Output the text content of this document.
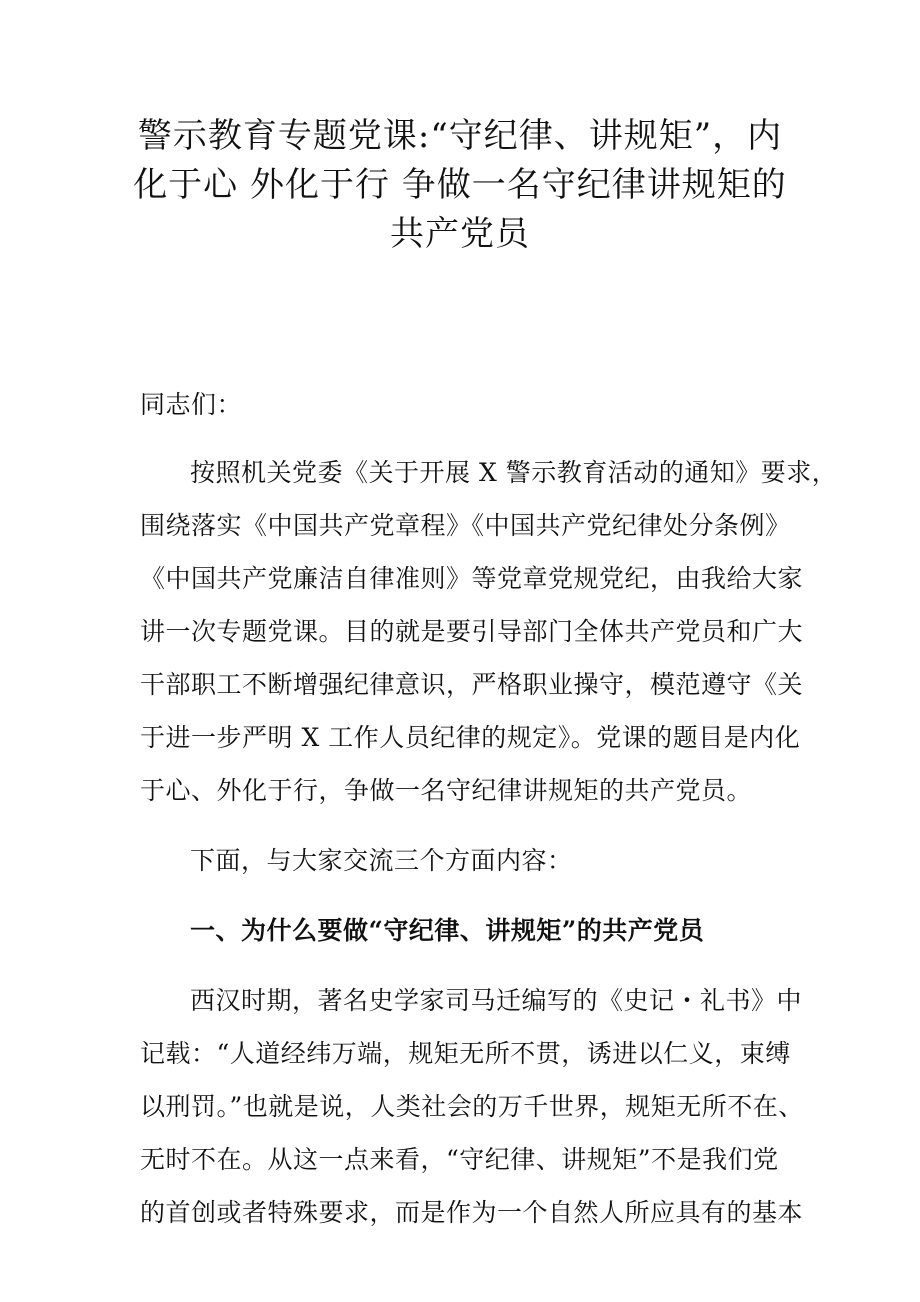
警示教育专题党课:“守纪律、讲规矩”，内
化于心 外化于行 争做一名守纪律讲规矩的
共产党员
同志们：
按照机关党委《关于开展 X 警示教育活动的通知》要求，
围绕落实《中国共产党章程》《中国共产党纪律处分条例》
《中国共产党廉洁自律准则》等党章党规党纪，由我给大家
讲一次专题党课。目的就是要引导部门全体共产党员和广大
干部职工不断增强纪律意识，严格职业操守，模范遵守《关
于进一步严明 X 工作人员纪律的规定》。党课的题目是内化
于心、外化于行，争做一名守纪律讲规矩的共产党员。
下面，与大家交流三个方面内容：
一、为什么要做“守纪律、讲规矩”的共产党员
西汉时期，著名史学家司马迁编写的《史记・礼书》中
记载：“人道经纬万端，规矩无所不贯，诱进以仁义，束缚
以刑罚。”也就是说，人类社会的万千世界，规矩无所不在、
无时不在。从这一点来看，“守纪律、讲规矩”不是我们党
的首创或者特殊要求，而是作为一个自然人所应具有的基本
